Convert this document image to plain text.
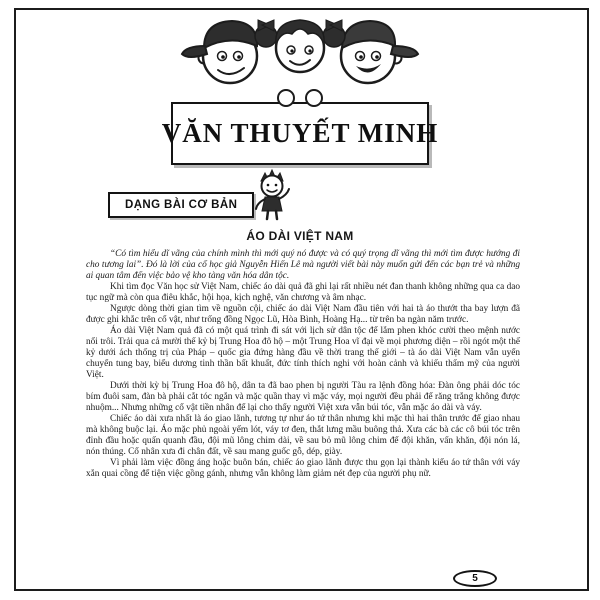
VĂN THUYẾT MINH
DẠNG BÀI CƠ BẢN
ÁO DÀI VIỆT NAM

“Có tìm hiểu dĩ vãng của chính mình thì mới quý nó được và có quý trọng dĩ vãng thì mới tìm được hướng đi cho tương lai”. Đó là lời của cố học giả Nguyễn Hiến Lê mà người viết bài này muốn gửi đến các bạn trẻ và những ai quan tâm đến việc bảo vệ kho tàng văn hóa dân tộc.

Khi tìm đọc Văn học sử Việt Nam, chiếc áo dài quả đã ghi lại rất nhiều nét đan thanh không những qua ca dao tục ngữ mà còn qua điêu khắc, hội họa, kịch nghệ, văn chương và âm nhạc.

Ngược dòng thời gian tìm về nguồn cội, chiếc áo dài Việt Nam đầu tiên với hai tà áo thướt tha bay lượn đã được ghi khắc trên cổ vật, như trống đồng Ngọc Lũ, Hòa Bình, Hoàng Hạ... từ trên ba ngàn năm trước.

Áo dài Việt Nam quả đã có một quá trình đi sát với lịch sử dân tộc để lắm phen khóc cười theo mệnh nước nổi trôi. Trải qua cả mười thế kỷ bị Trung Hoa đô hộ – một Trung Hoa vĩ đại về mọi phương diện – rồi ngót một thế kỷ dưới ách thống trị của Pháp – quốc gia đứng hàng đầu về thời trang thế giới – tà áo dài Việt Nam vẫn uyển chuyển tung bay, biểu dương tinh thần bất khuất, đức tính thích nghi với hoàn cảnh và khiếu thẩm mỹ của người Việt.

Dưới thời kỳ bị Trung Hoa đô hộ, dân ta đã bao phen bị người Tàu ra lệnh đồng hóa: Đàn ông phải dóc tóc bím đuôi sam, đàn bà phải cắt tóc ngắn và mặc quần thay vì mặc váy, mọi người đều phải để răng trắng không được nhuộm... Nhưng những cổ vật tiền nhân để lại cho thấy người Việt xưa vẫn búi tóc, vẫn mặc áo dài và váy.

Chiếc áo dài xưa nhất là áo giao lãnh, tương tự như áo tứ thân nhưng khi mặc thì hai thân trước để giao nhau mà không buộc lại. Áo mặc phủ ngoài yếm lót, váy tơ đen, thắt lưng mầu buông thả. Xưa các bà các cô búi tóc trên đỉnh đầu hoặc quấn quanh đầu, đội mũ lông chim dài, về sau bỏ mũ lông chim để đội khăn, vấn khăn, đội nón lá, nón thúng. Cổ nhân xưa đi chân đất, về sau mang guốc gỗ, dép, giày.

Vì phải làm việc đồng áng hoặc buôn bán, chiếc áo giao lãnh được thu gọn lại thành kiểu áo tứ thân với váy xắn quai cồng để tiện việc gồng gánh, nhưng vẫn không làm giảm nét đẹp của người phụ nữ.

5
